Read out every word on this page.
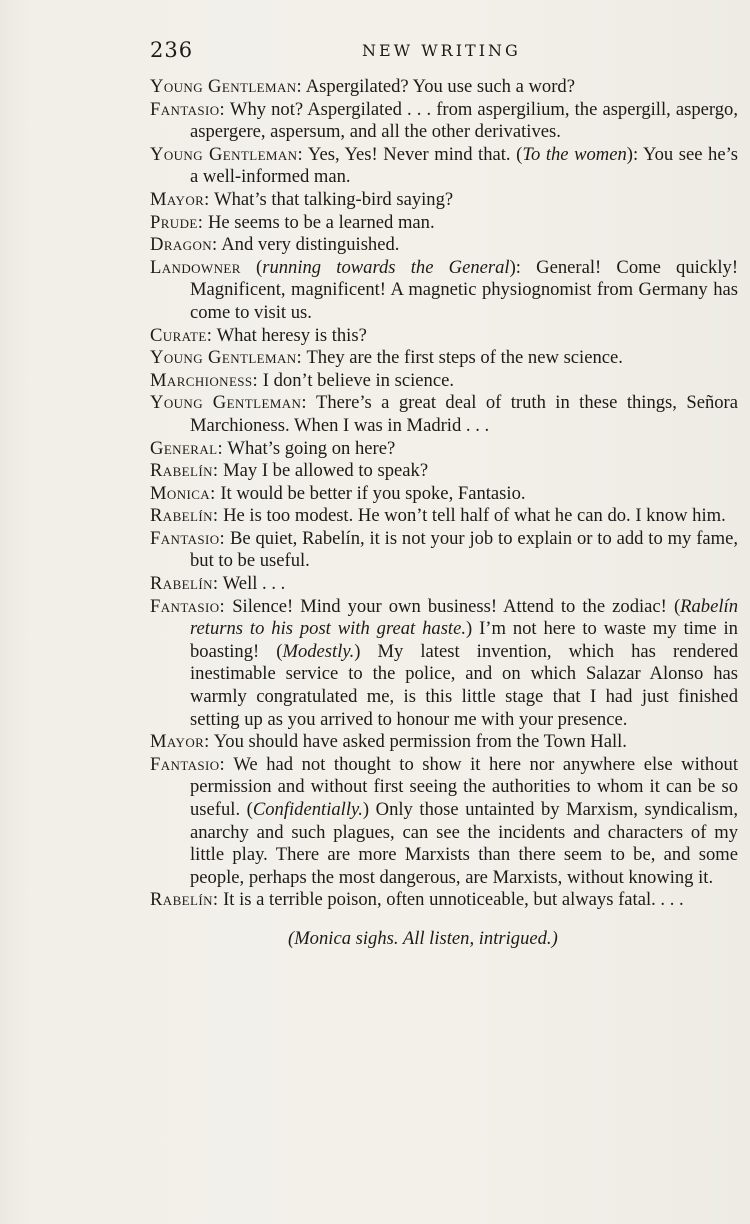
236	NEW WRITING

Young Gentleman: Aspergilated? You use such a word?

Fantasio: Why not? Aspergilated . . . from aspergilium, the aspergill, aspergo, aspergere, aspersum, and all the other derivatives.

Young Gentleman: Yes, Yes! Never mind that. (To the women): You see he’s a well-informed man.

Mayor: What’s that talking-bird saying?

Prude: He seems to be a learned man.

Dragon: And very distinguished.

Landowner (running towards the General): General! Come quickly! Magnificent, magnificent! A magnetic physiognomist from Germany has come to visit us.

Curate: What heresy is this?

Young Gentleman: They are the first steps of the new science.

Marchioness: I don’t believe in science.

Young Gentleman: There’s a great deal of truth in these things, Señora Marchioness. When I was in Madrid . . .

General: What’s going on here?

Rabelín: May I be allowed to speak?

Monica: It would be better if you spoke, Fantasio.

Rabelín: He is too modest. He won’t tell half of what he can do. I know him.

Fantasio: Be quiet, Rabelín, it is not your job to explain or to add to my fame, but to be useful.

Rabelín: Well . . .

Fantasio: Silence! Mind your own business! Attend to the zodiac! (Rabelín returns to his post with great haste.) I’m not here to waste my time in boasting! (Modestly.) My latest invention, which has rendered inestimable service to the police, and on which Salazar Alonso has warmly congratulated me, is this little stage that I had just finished setting up as you arrived to honour me with your presence.

Mayor: You should have asked permission from the Town Hall.

Fantasio: We had not thought to show it here nor anywhere else without permission and without first seeing the authorities to whom it can be so useful. (Confidentially.) Only those untainted by Marxism, syndicalism, anarchy and such plagues, can see the incidents and characters of my little play. There are more Marxists than there seem to be, and some people, perhaps the most dangerous, are Marxists, without knowing it.

Rabelín: It is a terrible poison, often unnoticeable, but always fatal. . . .

(Monica sighs. All listen, intrigued.)
